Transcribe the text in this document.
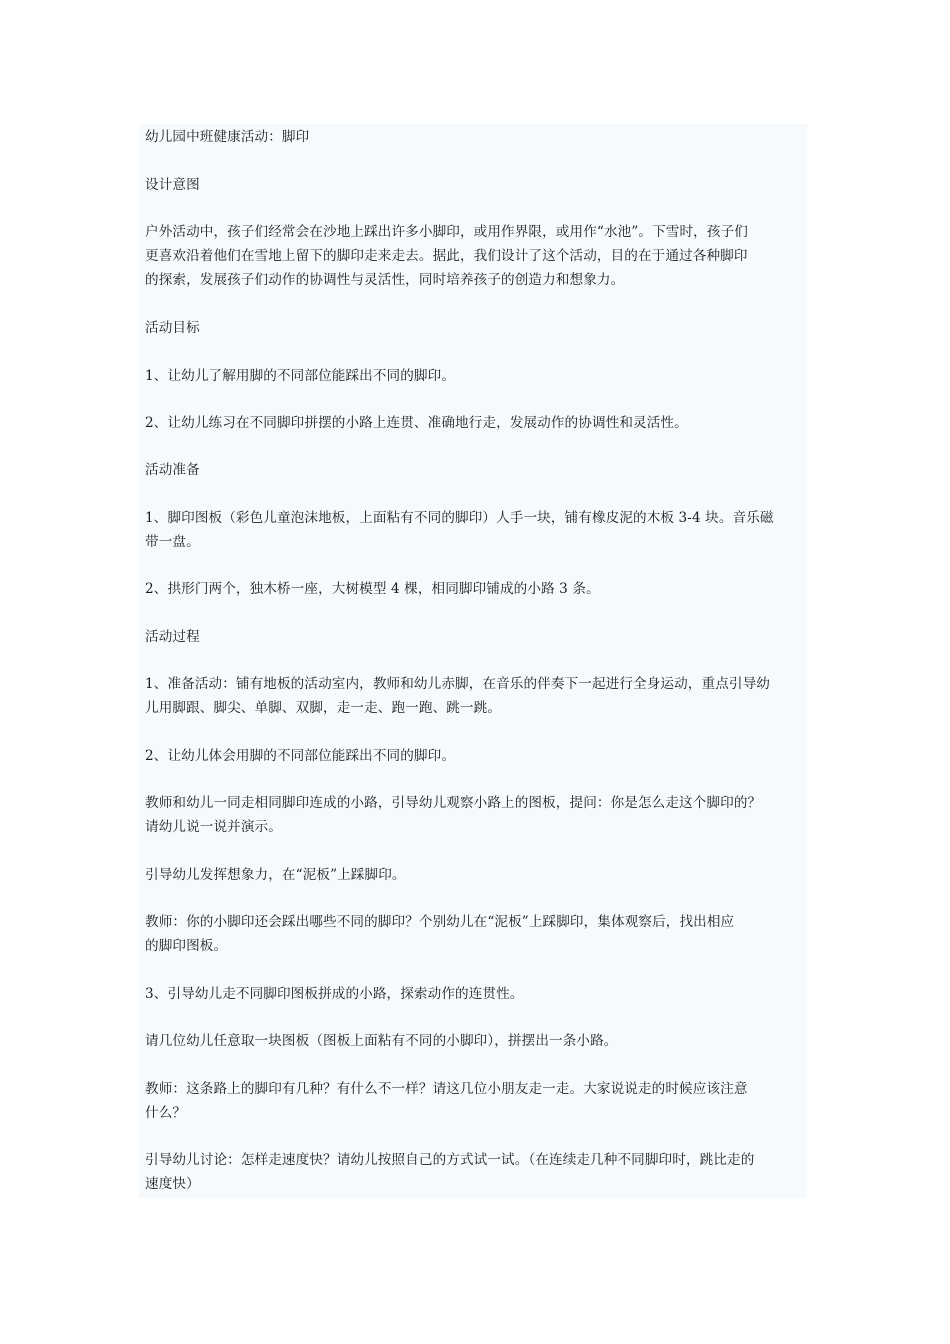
幼儿园中班健康活动：脚印
设计意图
户外活动中，孩子们经常会在沙地上踩出许多小脚印，或用作界限，或用作“水池”。下雪时，孩子们
更喜欢沿着他们在雪地上留下的脚印走来走去。据此，我们设计了这个活动，目的在于通过各种脚印
的探索，发展孩子们动作的协调性与灵活性，同时培养孩子的创造力和想象力。
活动目标
1、让幼儿了解用脚的不同部位能踩出不同的脚印。
2、让幼儿练习在不同脚印拼摆的小路上连贯、准确地行走，发展动作的协调性和灵活性。
活动准备
1、脚印图板（彩色儿童泡沫地板，上面粘有不同的脚印）人手一块，铺有橡皮泥的木板 3-4 块。音乐磁
带一盘。
2、拱形门两个，独木桥一座，大树模型 4 棵，相同脚印铺成的小路 3 条。
活动过程
1、准备活动：铺有地板的活动室内，教师和幼儿赤脚，在音乐的伴奏下一起进行全身运动，重点引导幼
儿用脚跟、脚尖、单脚、双脚，走一走、跑一跑、跳一跳。
2、让幼儿体会用脚的不同部位能踩出不同的脚印。
教师和幼儿一同走相同脚印连成的小路，引导幼儿观察小路上的图板，提问：你是怎么走这个脚印的？
请幼儿说一说并演示。
引导幼儿发挥想象力，在“泥板”上踩脚印。
教师：你的小脚印还会踩出哪些不同的脚印？个别幼儿在“泥板”上踩脚印，集体观察后，找出相应
的脚印图板。
3、引导幼儿走不同脚印图板拼成的小路，探索动作的连贯性。
请几位幼儿任意取一块图板（图板上面粘有不同的小脚印），拼摆出一条小路。
教师：这条路上的脚印有几种？有什么不一样？请这几位小朋友走一走。大家说说走的时候应该注意
什么？
引导幼儿讨论：怎样走速度快？请幼儿按照自己的方式试一试。（在连续走几种不同脚印时，跳比走的
速度快）
